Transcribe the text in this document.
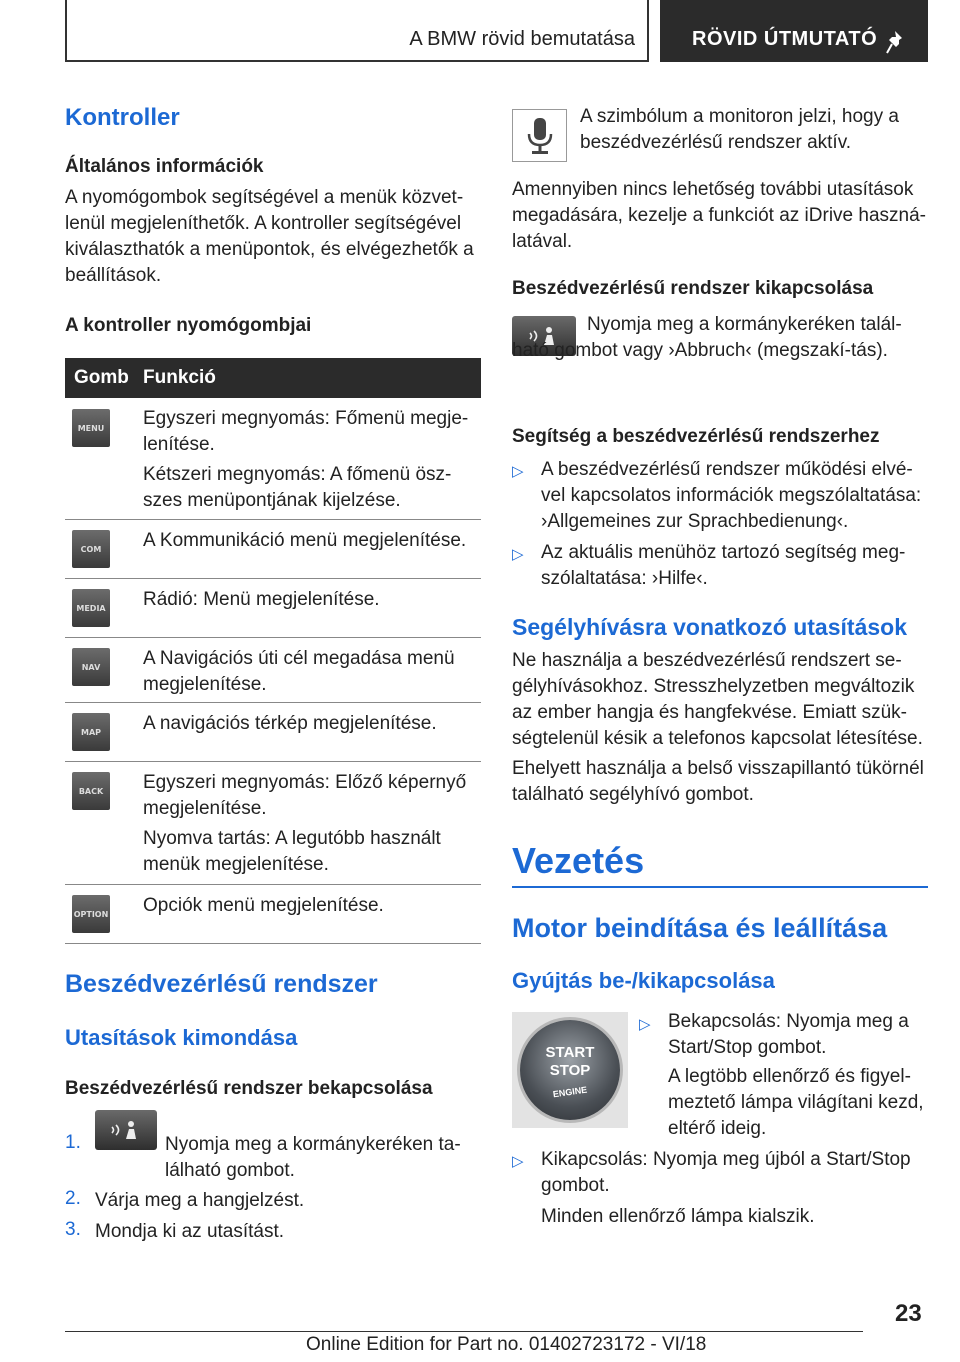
A BMW rövid bemutatása	RÖVID ÚTMUTATÓ
Kontroller
Általános információk
A nyomógombok segítségével a menük közvet-lenül megjeleníthetők. A kontroller segítségével kiválaszthatók a menüpontok, és elvégezhetők a beállítások.
A kontroller nyomógombjai
Gomb Funkció
MENU Egyszeri megnyomás: Főmenü megje-lenítése.
Kétszeri megnyomás: A főmenü ösz-szes menüpontjának kijelzése.
COM	A Kommunikáció menü megjelenítése.
MEDIA Rádió: Menü megjelenítése.
NAV	A Navigációs úti cél megadása menü megjelenítése.
MAP	A navigációs térkép megjelenítése.
BACK	Egyszeri megnyomás: Előző képernyő megjelenítése.
Nyomva tartás: A legutóbb használt menük megjelenítése.
OPTION Opciók menü megjelenítése.
Beszédvezérlésű rendszer
Utasítások kimondása
Beszédvezérlésű rendszer bekapcsolása
1.	Nyomja meg a kormánykeréken ta-lálható gombot.
2. Várja meg a hangjelzést.
3. Mondja ki az utasítást.
A szimbólum a monitoron jelzi, hogy a beszédvezérlésű rendszer aktív.
Amennyiben nincs lehetőség további utasítások megadására, kezelje a funkciót az iDrive haszná-latával.
Beszédvezérlésű rendszer kikapcsolása
Nyomja meg a kormánykeréken talál-ható gombot vagy ›Abbruch‹ (megszakí-tás).
Segítség a beszédvezérlésű rendszerhez
▷ A beszédvezérlésű rendszer működési elvé-vel kapcsolatos információk megszólaltatása: ›Allgemeines zur Sprachbedienung‹.
▷ Az aktuális menühöz tartozó segítség meg-szólaltatása: ›Hilfe‹.
Segélyhívásra vonatkozó utasítások
Ne használja a beszédvezérlésű rendszert se-gélyhívásokhoz. Stresszhelyzetben megváltozik az ember hangja és hangfekvése. Emiatt szük-ségtelenül késik a telefonos kapcsolat létesítése.
Ehelyett használja a belső visszapillantó tükörnél található segélyhívó gombot.
Vezetés
Motor beindítása és leállítása
Gyújtás be-/kikapcsolása
START
STOP
ENGINE
▷ Bekapcsolás: Nyomja meg a Start/Stop gombot.
A legtöbb ellenőrző és figyel-meztető lámpa világítani kezd, eltérő ideig.
▷ Kikapcsolás: Nyomja meg újból a Start/Stop gombot.
Minden ellenőrző lámpa kialszik.
23
Online Edition for Part no. 01402723172 - VI/18
